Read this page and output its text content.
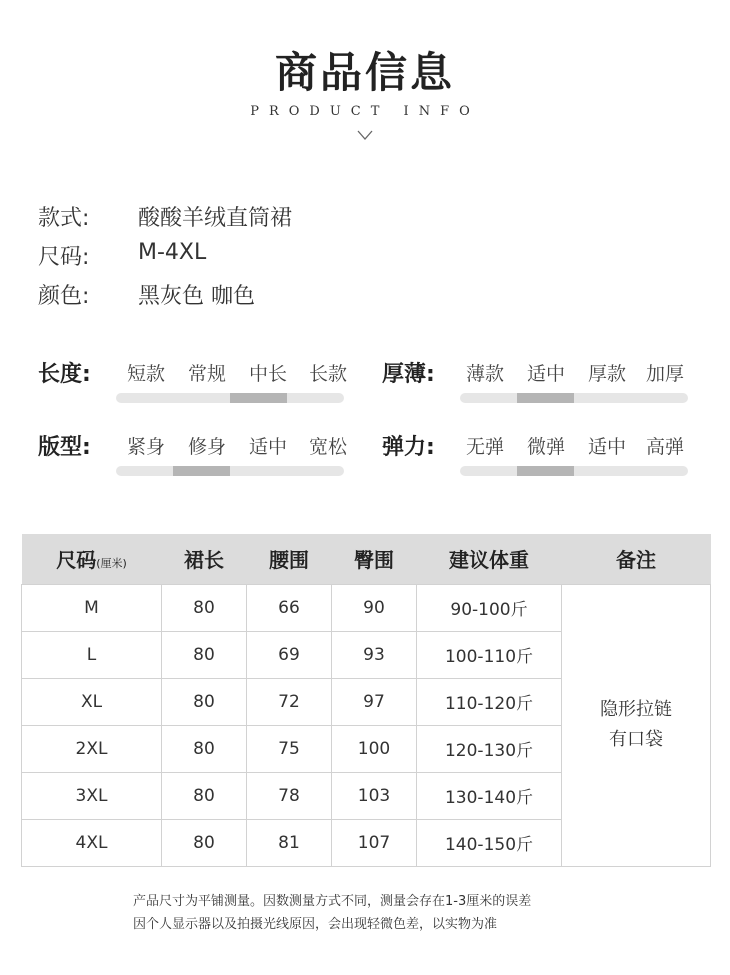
商品信息
PRODUCT INFO
款式:	酸酸羊绒直筒裙
尺码:	M-4XL
颜色:	黑灰色 咖色
长度:	短款	常规	中长	长款	厚薄:	薄款	适中	厚款	加厚
版型:	紧身	修身	适中	宽松	弹力:	无弹	微弹	适中	高弹
尺码(厘米)	裙长	腰围	臀围	建议体重	备注
M	80	66	90	90-100斤	隐形拉链
有口袋

L	80	69	93	100-110斤	
XL	80	72	97	110-120斤	
2XL	80	75	100	120-130斤	
3XL	80	78	103	130-140斤	
4XL	80	81	107	140-150斤	
产品尺寸为平铺测量。因数测量方式不同，测量会存在1-3厘米的误差
因个人显示器以及拍摄光线原因，会出现轻微色差，以实物为准
